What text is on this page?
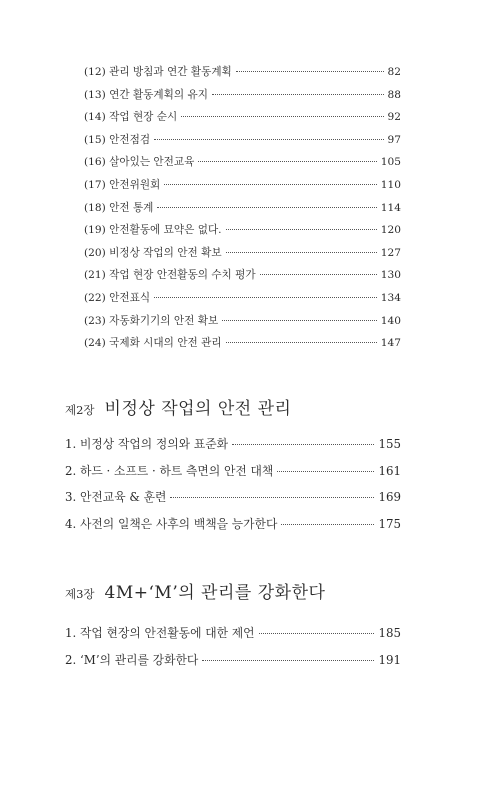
(12) 관리 방침과 연간 활동계획	82
(13) 연간 활동계획의 유지	88
(14) 작업 현장 순시	92
(15) 안전점검	97
(16) 살아있는 안전교육	105
(17) 안전위원회	110
(18) 안전 통계	114
(19) 안전활동에 묘약은 없다.	120
(20) 비정상 작업의 안전 확보	127
(21) 작업 현장 안전활동의 수치 평가	130
(22) 안전표식	134
(23) 자동화기기의 안전 확보	140
(24) 국제화 시대의 안전 관리	147
제2장 비정상 작업의 안전 관리
1. 비정상 작업의 정의와 표준화	155
2. 하드 · 소프트 · 하트 측면의 안전 대책	161
3. 안전교육 & 훈련	169
4. 사전의 일책은 사후의 백책을 능가한다	175
제3장 4M+‘M’의 관리를 강화한다
1. 작업 현장의 안전활동에 대한 제언	185
2. ‘M’의 관리를 강화한다	191
